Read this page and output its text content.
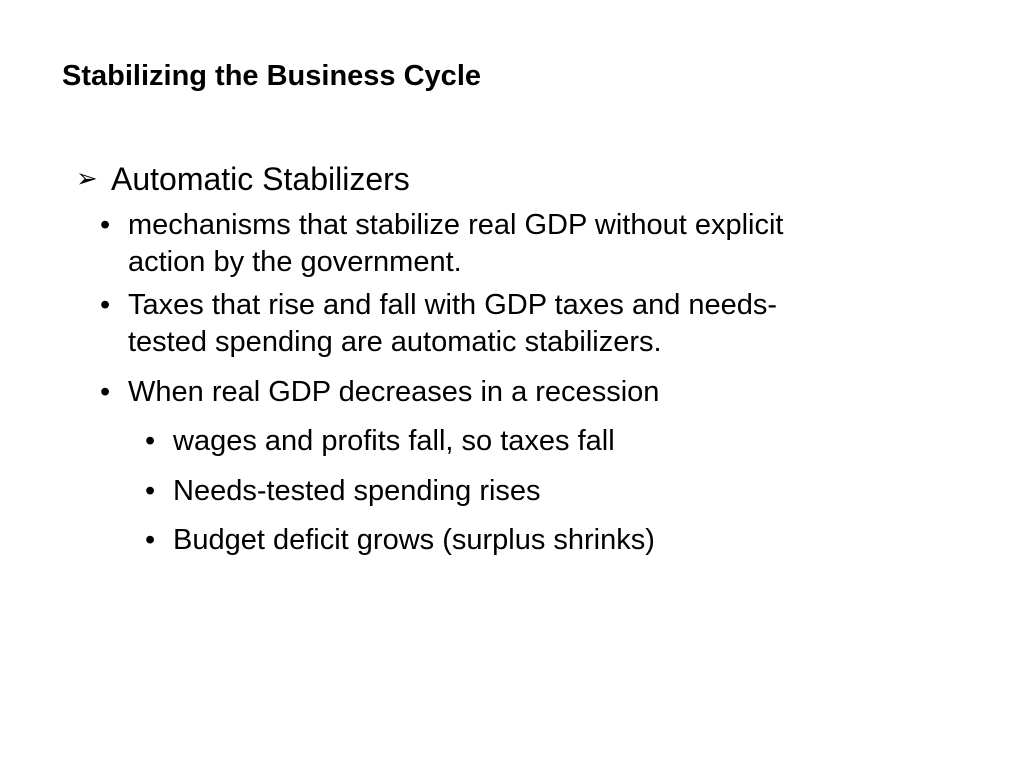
Stabilizing the Business Cycle
➢ Automatic Stabilizers
• mechanisms that stabilize real GDP without explicit
action by the government.
• Taxes that rise and fall with GDP taxes and needs-
tested spending are automatic stabilizers.
• When real GDP decreases in a recession
• wages and profits fall, so taxes fall
• Needs-tested spending rises
• Budget deficit grows (surplus shrinks)
